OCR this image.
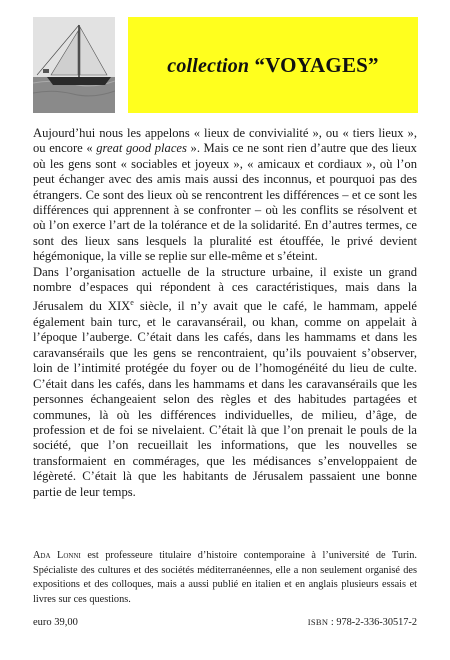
collection “VOYAGES”

Aujourd’hui nous les appelons « lieux de convivialité », ou « tiers lieux », ou encore « great good places ». Mais ce ne sont rien d’autre que des lieux où les gens sont « sociables et joyeux », « amicaux et cordiaux », où l’on peut échanger avec des amis mais aussi des inconnus, et pourquoi pas des étrangers. Ce sont des lieux où se rencontrent les différences – et ce sont les différences qui apprennent à se confronter – où les conflits se résolvent et où l’on exerce l’art de la tolérance et de la solidarité. En d’autres termes, ce sont des lieux sans lesquels la pluralité est étouffée, le privé devient hégémonique, la ville se replie sur elle-même et s’éteint.

Dans l’organisation actuelle de la structure urbaine, il existe un grand nombre d’espaces qui répondent à ces caractéristiques, mais dans la Jérusalem du XIXe siècle, il n’y avait que le café, le hammam, appelé également bain turc, et le caravansérail, ou khan, comme on appelait à l’époque l’auberge. C’était dans les cafés, dans les hammams et dans les caravansérails que les gens se rencontraient, qu’ils pouvaient s’observer, loin de l’intimité protégée du foyer ou de l’homogénéité du lieu de culte. C’était dans les cafés, dans les hammams et dans les caravansérails que les personnes échangeaient selon des règles et des habitudes partagées et communes, là où les différences individuelles, de milieu, d’âge, de profession et de foi se nivelaient. C’était là que l’on prenait le pouls de la société, que l’on recueillait les informations, que les nouvelles se transformaient en commérages, que les médisances s’enveloppaient de légèreté. C’était là que les habitants de Jérusalem passaient une bonne partie de leur temps.

Ada Lonni est professeure titulaire d’histoire contemporaine à l’université de Turin. Spécialiste des cultures et des sociétés méditerranéennes, elle a non seulement organisé des expositions et des colloques, mais a aussi publié en italien et en anglais plusieurs essais et livres sur ces questions.
euro 39,00	ISBN : 978-2-336-30517-2
